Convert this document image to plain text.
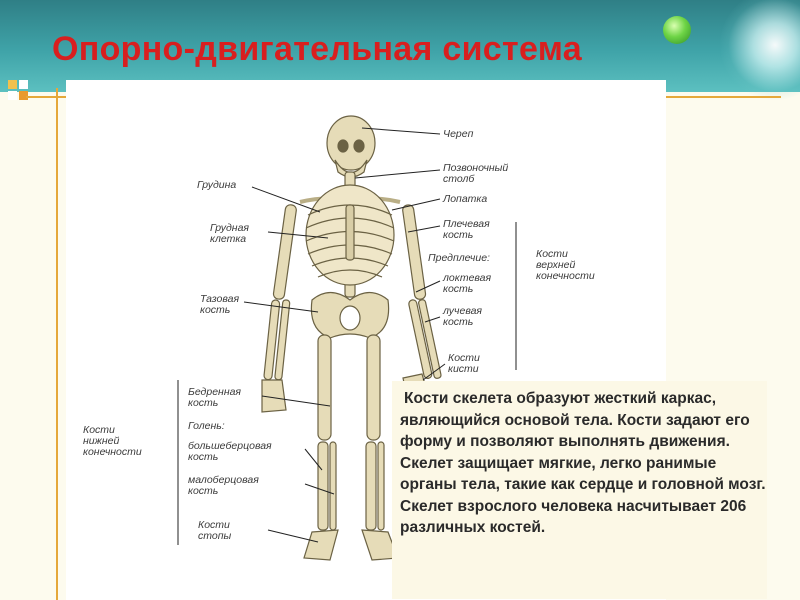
Опорно-двигательная система
Череп
Позвоночный
столб
Лопатка
Грудина
Грудная
клетка
Плечевая
кость
Предплечие:
локтевая
кость
лучевая
кость
Кости
кисти
Тазовая
кость
Бедренная
кость
Голень:
большеберцовая
кость
малоберцовая
кость
Кости
стопы
Кости
верхней
конечности
Кости
нижней
конечности
Кости скелета образуют жесткий каркас, являющийся основой тела. Кости задают его форму и позволяют выполнять движения. Скелет защищает мягкие, легко ранимые органы тела, такие как сердце и головной мозг. Скелет взрослого человека насчитывает 206 различных костей.
